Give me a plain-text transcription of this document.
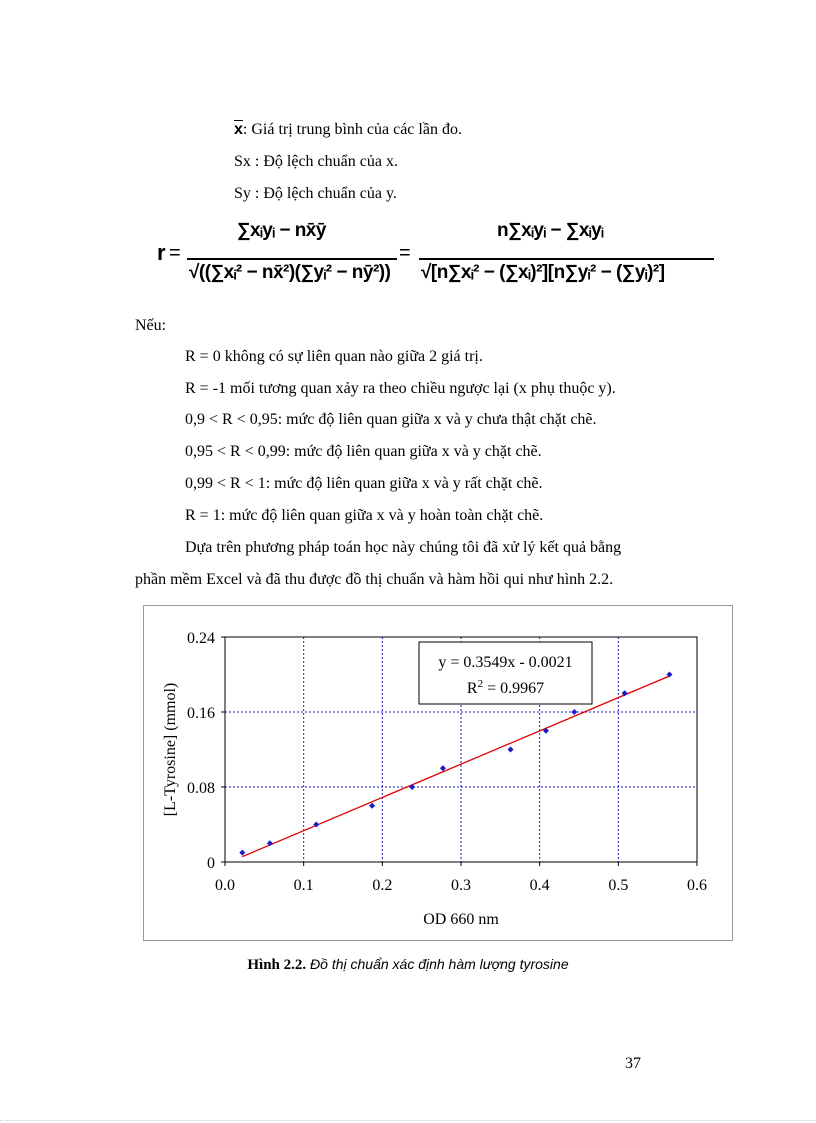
$\overline{x}$: Giá trị trung bình của các lần đo.
Sx : Độ lệch chuẩn của x.
Sy : Độ lệch chuẩn của y.
r =
∑xᵢyᵢ − nx̄ȳ
√((∑xᵢ² − nx̄²)(∑yᵢ² − nȳ²))
=
n∑xᵢyᵢ − ∑xᵢyᵢ
√[n∑xᵢ² − (∑xᵢ)²][n∑yᵢ² − (∑yᵢ)²]
Nếu:
R = 0 không có sự liên quan nào giữa 2 giá trị.
R = -1 mối tương quan xảy ra theo chiều ngược lại (x phụ thuộc y).
0,9 < R < 0,95: mức độ liên quan giữa x và y chưa thật chặt chẽ.
0,95 < R < 0,99: mức độ liên quan giữa x và y chặt chẽ.
0,99 < R < 1: mức độ liên quan giữa x và y rất chặt chẽ.
R = 1: mức độ liên quan giữa x và y hoàn toàn chặt chẽ.
Dựa trên phương pháp toán học này chúng tôi đã xử lý kết quả bằng
phần mềm Excel và đã thu được đồ thị chuẩn và hàm hồi qui như hình 2.2.
0.0	0.1	0.2	0.3	0.4	0.5	0.6
0
0.08
0.16
0.24
OD 660 nm
[L-Tyrosine] (mmol)
y = 0.3549x - 0.0021
$R^2 = 0.9967$
Hình 2.2. Đồ thị chuẩn xác định hàm lượng tyrosine
37
